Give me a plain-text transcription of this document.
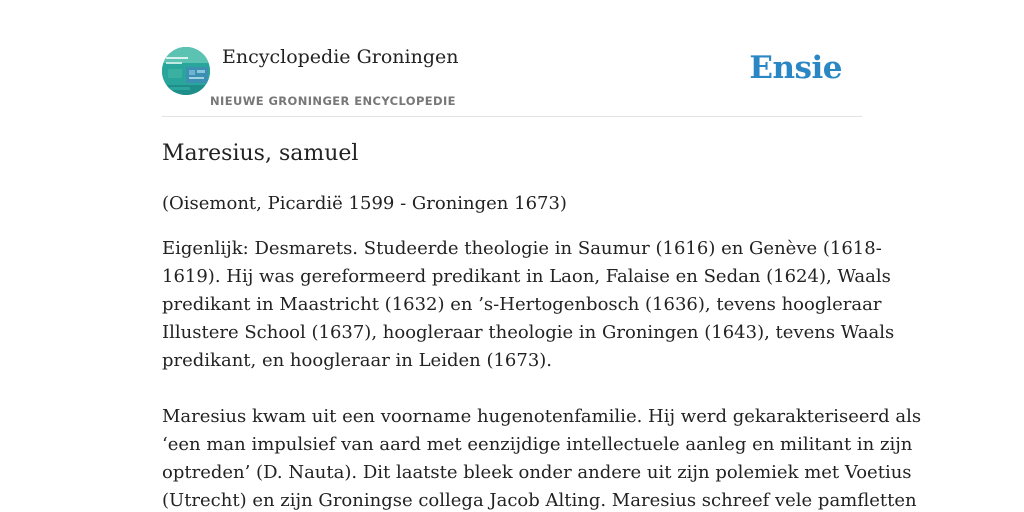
Encyclopedie Groningen
NIEUWE GRONINGER ENCYCLOPEDIE
Ensie
Maresius, samuel

(Oisemont, Picardië 1599 - Groningen 1673)

Eigenlijk: Desmarets. Studeerde theologie in Saumur (1616) en Genève (1618-
1619). Hij was gereformeerd predikant in Laon, Falaise en Sedan (1624), Waals
predikant in Maastricht (1632) en ’s-Hertogenbosch (1636), tevens hoogleraar
Illustere School (1637), hoogleraar theologie in Groningen (1643), tevens Waals
predikant, en hoogleraar in Leiden (1673).

Maresius kwam uit een voorname hugenotenfamilie. Hij werd gekarakteriseerd als
‘een man impulsief van aard met eenzijdige intellectuele aanleg en militant in zijn
optreden’ (D. Nauta). Dit laatste bleek onder andere uit zijn polemiek met Voetius
(Utrecht) en zijn Groningse collega Jacob Alting. Maresius schreef vele pamfletten
